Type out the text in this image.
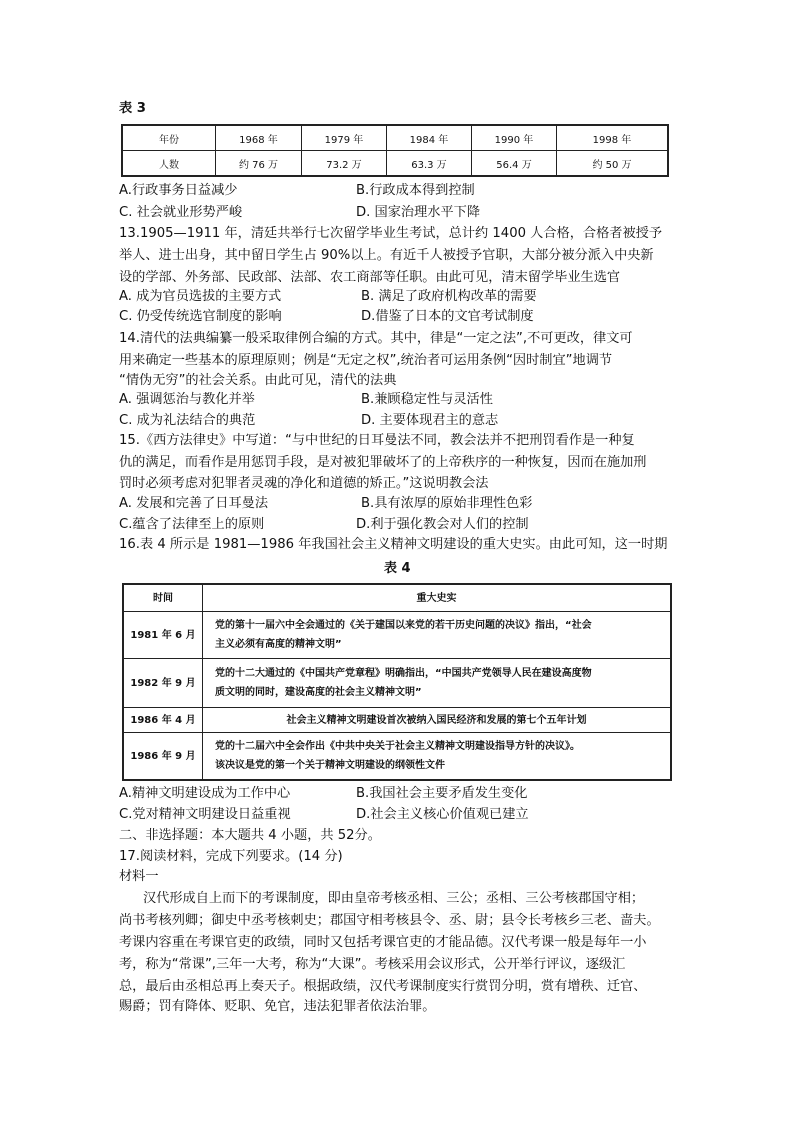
表 3
年份	1968 年	1979 年	1984 年	1990 年	1998 年
人数	约 76 万	73.2 万	63.3 万	56.4 万	约 50 万
A.行政事务日益减少	B.行政成本得到控制
C. 社会就业形势严峻	D. 国家治理水平下降
13.1905—1911 年，清廷共举行七次留学毕业生考试，总计约 1400 人合格，合格者被授予
举人、进士出身，其中留日学生占 90%以上。有近千人被授予官职，大部分被分派入中央新
设的学部、外务部、民政部、法部、农工商部等任职。由此可见，清末留学毕业生选官
A. 成为官员选拔的主要方式	B. 满足了政府机构改革的需要
C. 仍受传统选官制度的影响	D.借鉴了日本的文官考试制度
14.清代的法典编纂一般采取律例合编的方式。其中，律是“一定之法”,不可更改，律文可
用来确定一些基本的原理原则；例是“无定之权”,统治者可运用条例“因时制宜”地调节
“情伪无穷”的社会关系。由此可见，清代的法典
A. 强调惩治与教化并举	B.兼顾稳定性与灵活性
C. 成为礼法结合的典范	D. 主要体现君主的意志
15.《西方法律史》中写道：“与中世纪的日耳曼法不同，教会法并不把刑罚看作是一种复
仇的满足，而看作是用惩罚手段，是对被犯罪破坏了的上帝秩序的一种恢复，因而在施加刑
罚时必须考虑对犯罪者灵魂的净化和道德的矫正。”这说明教会法
A. 发展和完善了日耳曼法	B.具有浓厚的原始非理性色彩
C.蕴含了法律至上的原则	D.利于强化教会对人们的控制
16.表 4 所示是 1981—1986 年我国社会主义精神文明建设的重大史实。由此可知，这一时期
表 4
时间	重大史实
1981 年 6 月	党的第十一届六中全会通过的《关于建国以来党的若干历史问题的决议》指出，“社会
主义必须有高度的精神文明”

1982 年 9 月	党的十二大通过的《中国共产党章程》明确指出，“中国共产党领导人民在建设高度物
质文明的同时，建设高度的社会主义精神文明”

1986 年 4 月	社会主义精神文明建设首次被纳入国民经济和发展的第七个五年计划

1986 年 9 月	党的十二届六中全会作出《中共中央关于社会主义精神文明建设指导方针的决议》。
该决议是党的第一个关于精神文明建设的纲领性文件
A.精神文明建设成为工作中心	B.我国社会主要矛盾发生变化
C.党对精神文明建设日益重视	D.社会主义核心价值观已建立
二、非选择题：本大题共 4 小题，共 52分。
17.阅读材料，完成下列要求。(14 分)
材料一
汉代形成自上而下的考课制度，即由皇帝考核丞相、三公；丞相、三公考核郡国守相；
尚书考核列卿；御史中丞考核刺史；郡国守相考核县令、丞、尉；县令长考核乡三老、啬夫。
考课内容重在考课官吏的政绩，同时又包括考课官吏的才能品德。汉代考课一般是每年一小
考，称为“常课”,三年一大考，称为“大课”。考核采用会议形式，公开举行评议，逐级汇
总，最后由丞相总再上奏天子。根据政绩，汉代考课制度实行赏罚分明，赏有增秩、迁官、
赐爵；罚有降体、贬职、免官，违法犯罪者依法治罪。
